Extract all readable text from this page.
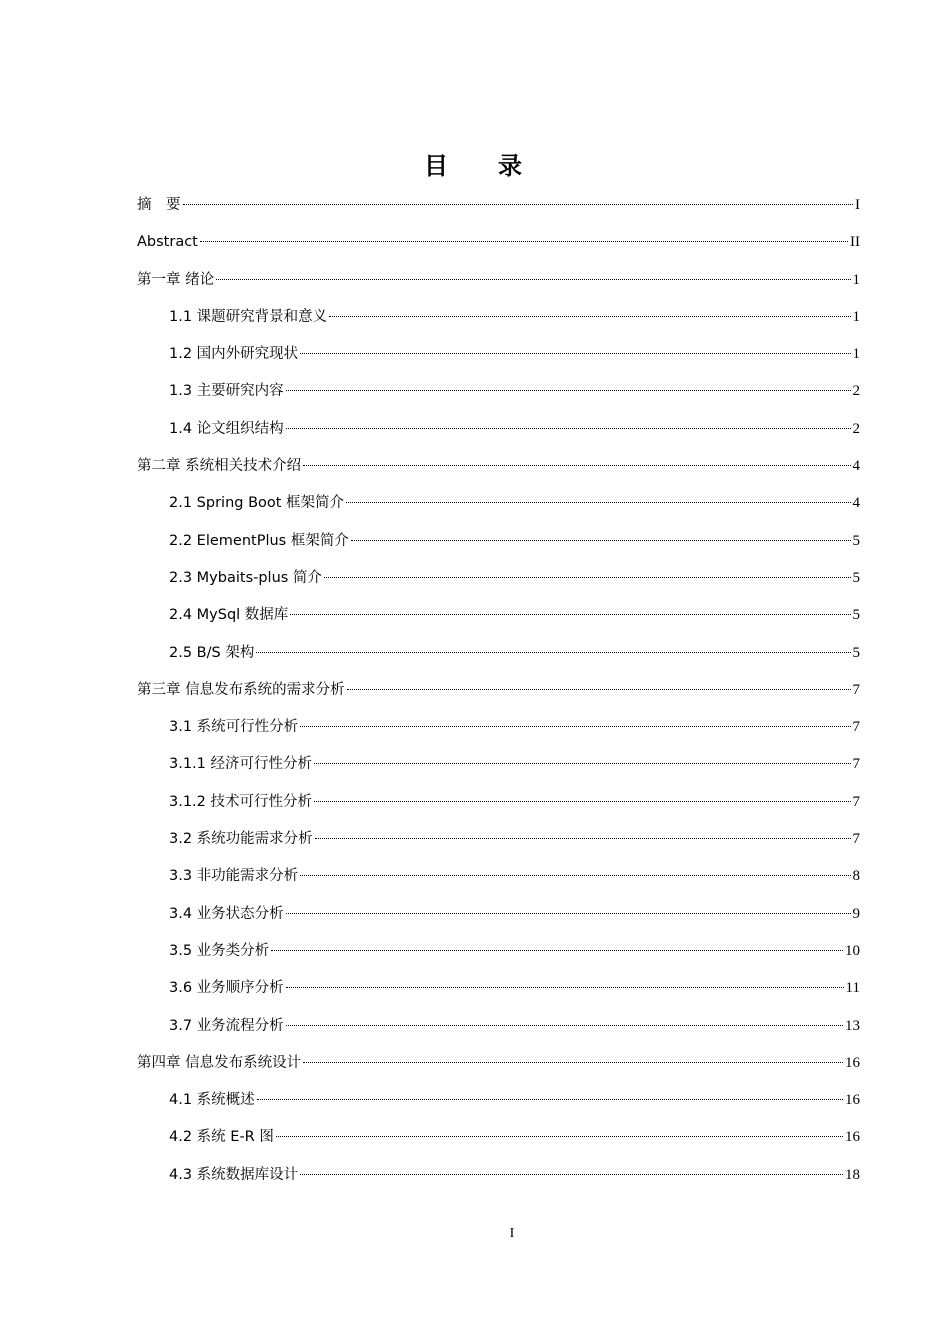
目录
摘　要	I
Abstract	II
第一章 绪论	1
1.1 课题研究背景和意义	1
1.2 国内外研究现状	1
1.3 主要研究内容	2
1.4 论文组织结构	2
第二章 系统相关技术介绍	4
2.1 Spring Boot 框架简介	4
2.2 ElementPlus 框架简介	5
2.3 Mybaits-plus 简介	5
2.4 MySql 数据库	5
2.5 B/S 架构	5
第三章 信息发布系统的需求分析	7
3.1 系统可行性分析	7
3.1.1 经济可行性分析	7
3.1.2 技术可行性分析	7
3.2 系统功能需求分析	7
3.3 非功能需求分析	8
3.4 业务状态分析	9
3.5 业务类分析	10
3.6 业务顺序分析	11
3.7 业务流程分析	13
第四章 信息发布系统设计	16
4.1 系统概述	16
4.2 系统 E-R 图	16
4.3 系统数据库设计	18
I
